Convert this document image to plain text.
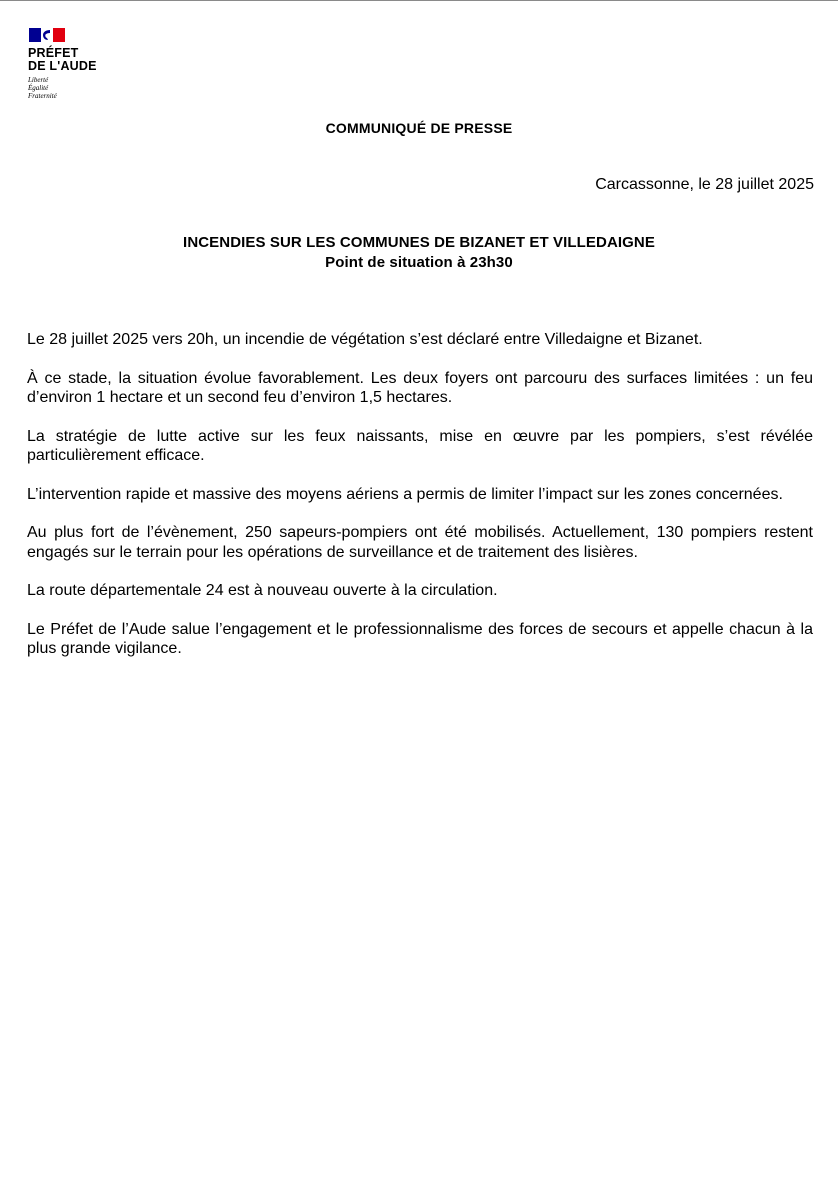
PRÉFET
DE L'AUDE
Liberté
Égalité
Fraternité
COMMUNIQUÉ DE PRESSE
Carcassonne, le 28 juillet 2025
INCENDIES SUR LES COMMUNES DE BIZANET ET VILLEDAIGNE
Point de situation à 23h30

Le 28 juillet 2025 vers 20h, un incendie de végétation s’est déclaré entre Villedaigne et Bizanet.

À ce stade, la situation évolue favorablement. Les deux foyers ont parcouru des surfaces limitées : un feu d’environ 1 hectare et un second feu d’environ 1,5 hectares.

La stratégie de lutte active sur les feux naissants, mise en œuvre par les pompiers, s’est révélée particulièrement efficace.

L’intervention rapide et massive des moyens aériens a permis de limiter l’impact sur les zones concernées.

Au plus fort de l’évènement, 250 sapeurs-pompiers ont été mobilisés. Actuellement, 130 pompiers restent engagés sur le terrain pour les opérations de surveillance et de traitement des lisières.

La route départementale 24 est à nouveau ouverte à la circulation.

Le Préfet de l’Aude salue l’engagement et le professionnalisme des forces de secours et appelle chacun à la plus grande vigilance.
